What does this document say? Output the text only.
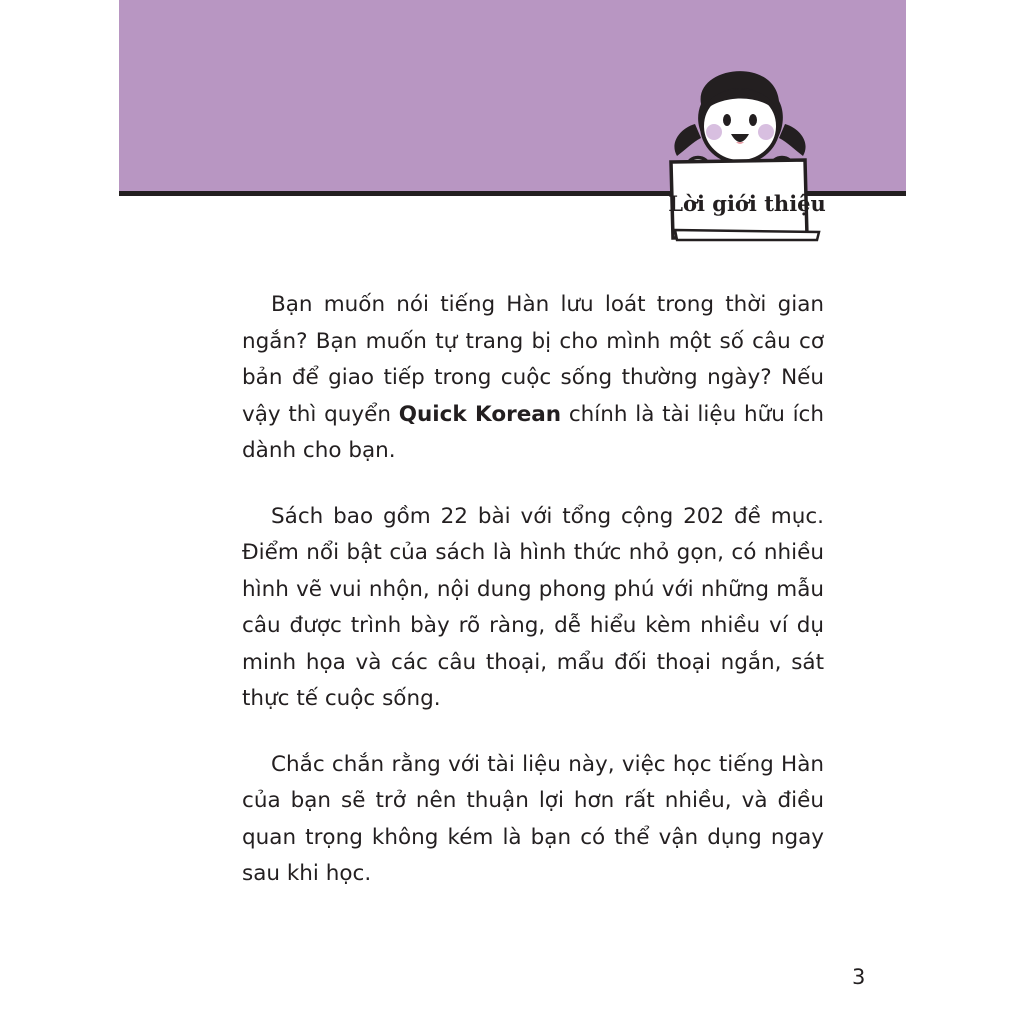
Lời giới thiệu
Bạn muốn nói tiếng Hàn lưu loát trong thời gian
ngắn? Bạn muốn tự trang bị cho mình một số câu cơ
bản để giao tiếp trong cuộc sống thường ngày? Nếu
vậy thì quyển Quick Korean chính là tài liệu hữu ích
dành cho bạn.
Sách bao gồm 22 bài với tổng cộng 202 đề mục.
Điểm nổi bật của sách là hình thức nhỏ gọn, có nhiều
hình vẽ vui nhộn, nội dung phong phú với những mẫu
câu được trình bày rõ ràng, dễ hiểu kèm nhiều ví dụ
minh họa và các câu thoại, mẩu đối thoại ngắn, sát
thực tế cuộc sống.
Chắc chắn rằng với tài liệu này, việc học tiếng Hàn
của bạn sẽ trở nên thuận lợi hơn rất nhiều, và điều
quan trọng không kém là bạn có thể vận dụng ngay
sau khi học.
3
